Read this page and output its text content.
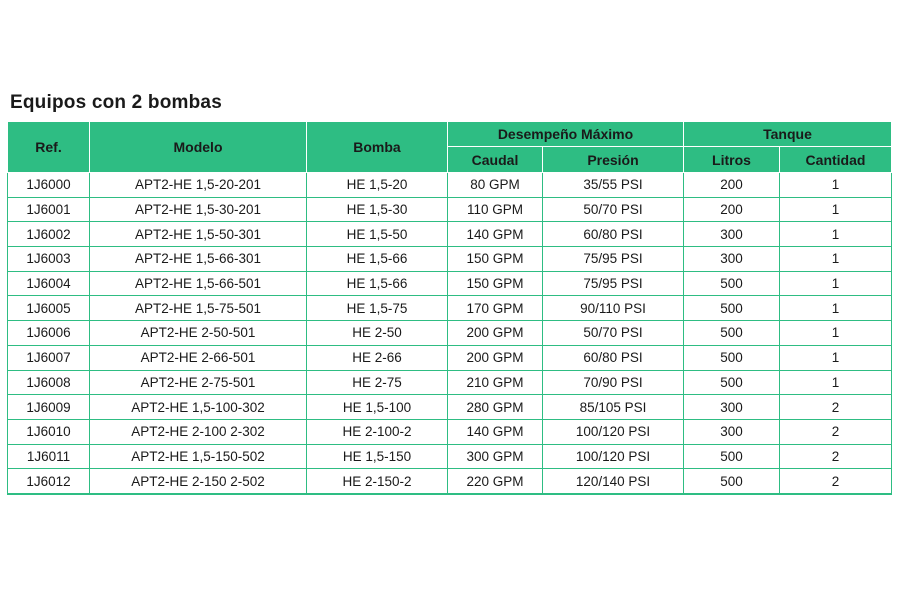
Equipos con 2 bombas
Ref.	Modelo	Bomba	Desempeño Máximo		Tanque	
			Caudal	Presión	Litros	Cantidad
1J6000	APT2-HE 1,5-20-201	HE 1,5-20	80 GPM	35/55 PSI	200	1
1J6001	APT2-HE 1,5-30-201	HE 1,5-30	110 GPM	50/70 PSI	200	1
1J6002	APT2-HE 1,5-50-301	HE 1,5-50	140 GPM	60/80 PSI	300	1
1J6003	APT2-HE 1,5-66-301	HE 1,5-66	150 GPM	75/95 PSI	300	1
1J6004	APT2-HE 1,5-66-501	HE 1,5-66	150 GPM	75/95 PSI	500	1
1J6005	APT2-HE 1,5-75-501	HE 1,5-75	170 GPM	90/110 PSI	500	1
1J6006	APT2-HE 2-50-501	HE 2-50	200 GPM	50/70 PSI	500	1
1J6007	APT2-HE 2-66-501	HE 2-66	200 GPM	60/80 PSI	500	1
1J6008	APT2-HE 2-75-501	HE 2-75	210 GPM	70/90 PSI	500	1
1J6009	APT2-HE 1,5-100-302	HE 1,5-100	280 GPM	85/105 PSI	300	2
1J6010	APT2-HE 2-100 2-302	HE 2-100-2	140 GPM	100/120 PSI	300	2
1J6011	APT2-HE 1,5-150-502	HE 1,5-150	300 GPM	100/120 PSI	500	2
1J6012	APT2-HE 2-150 2-502	HE 2-150-2	220 GPM	120/140 PSI	500	2
